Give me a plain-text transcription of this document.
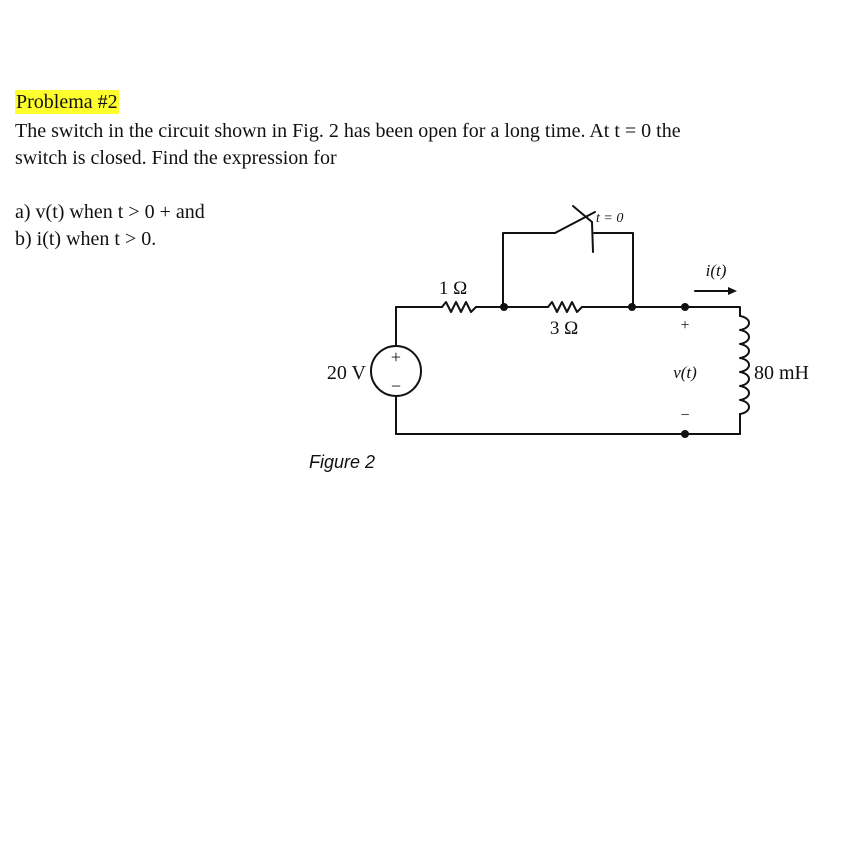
Problema #2
The switch in the circuit shown in Fig. 2 has been open for a long time. At t = 0 the
switch is closed. Find the expression for
a) v(t) when t > 0 + and
b) i(t) when t > 0.
+
−
1 Ω
3 Ω
t = 0
20 V
i(t)
+
v(t)
−
80 mH
Figure 2
